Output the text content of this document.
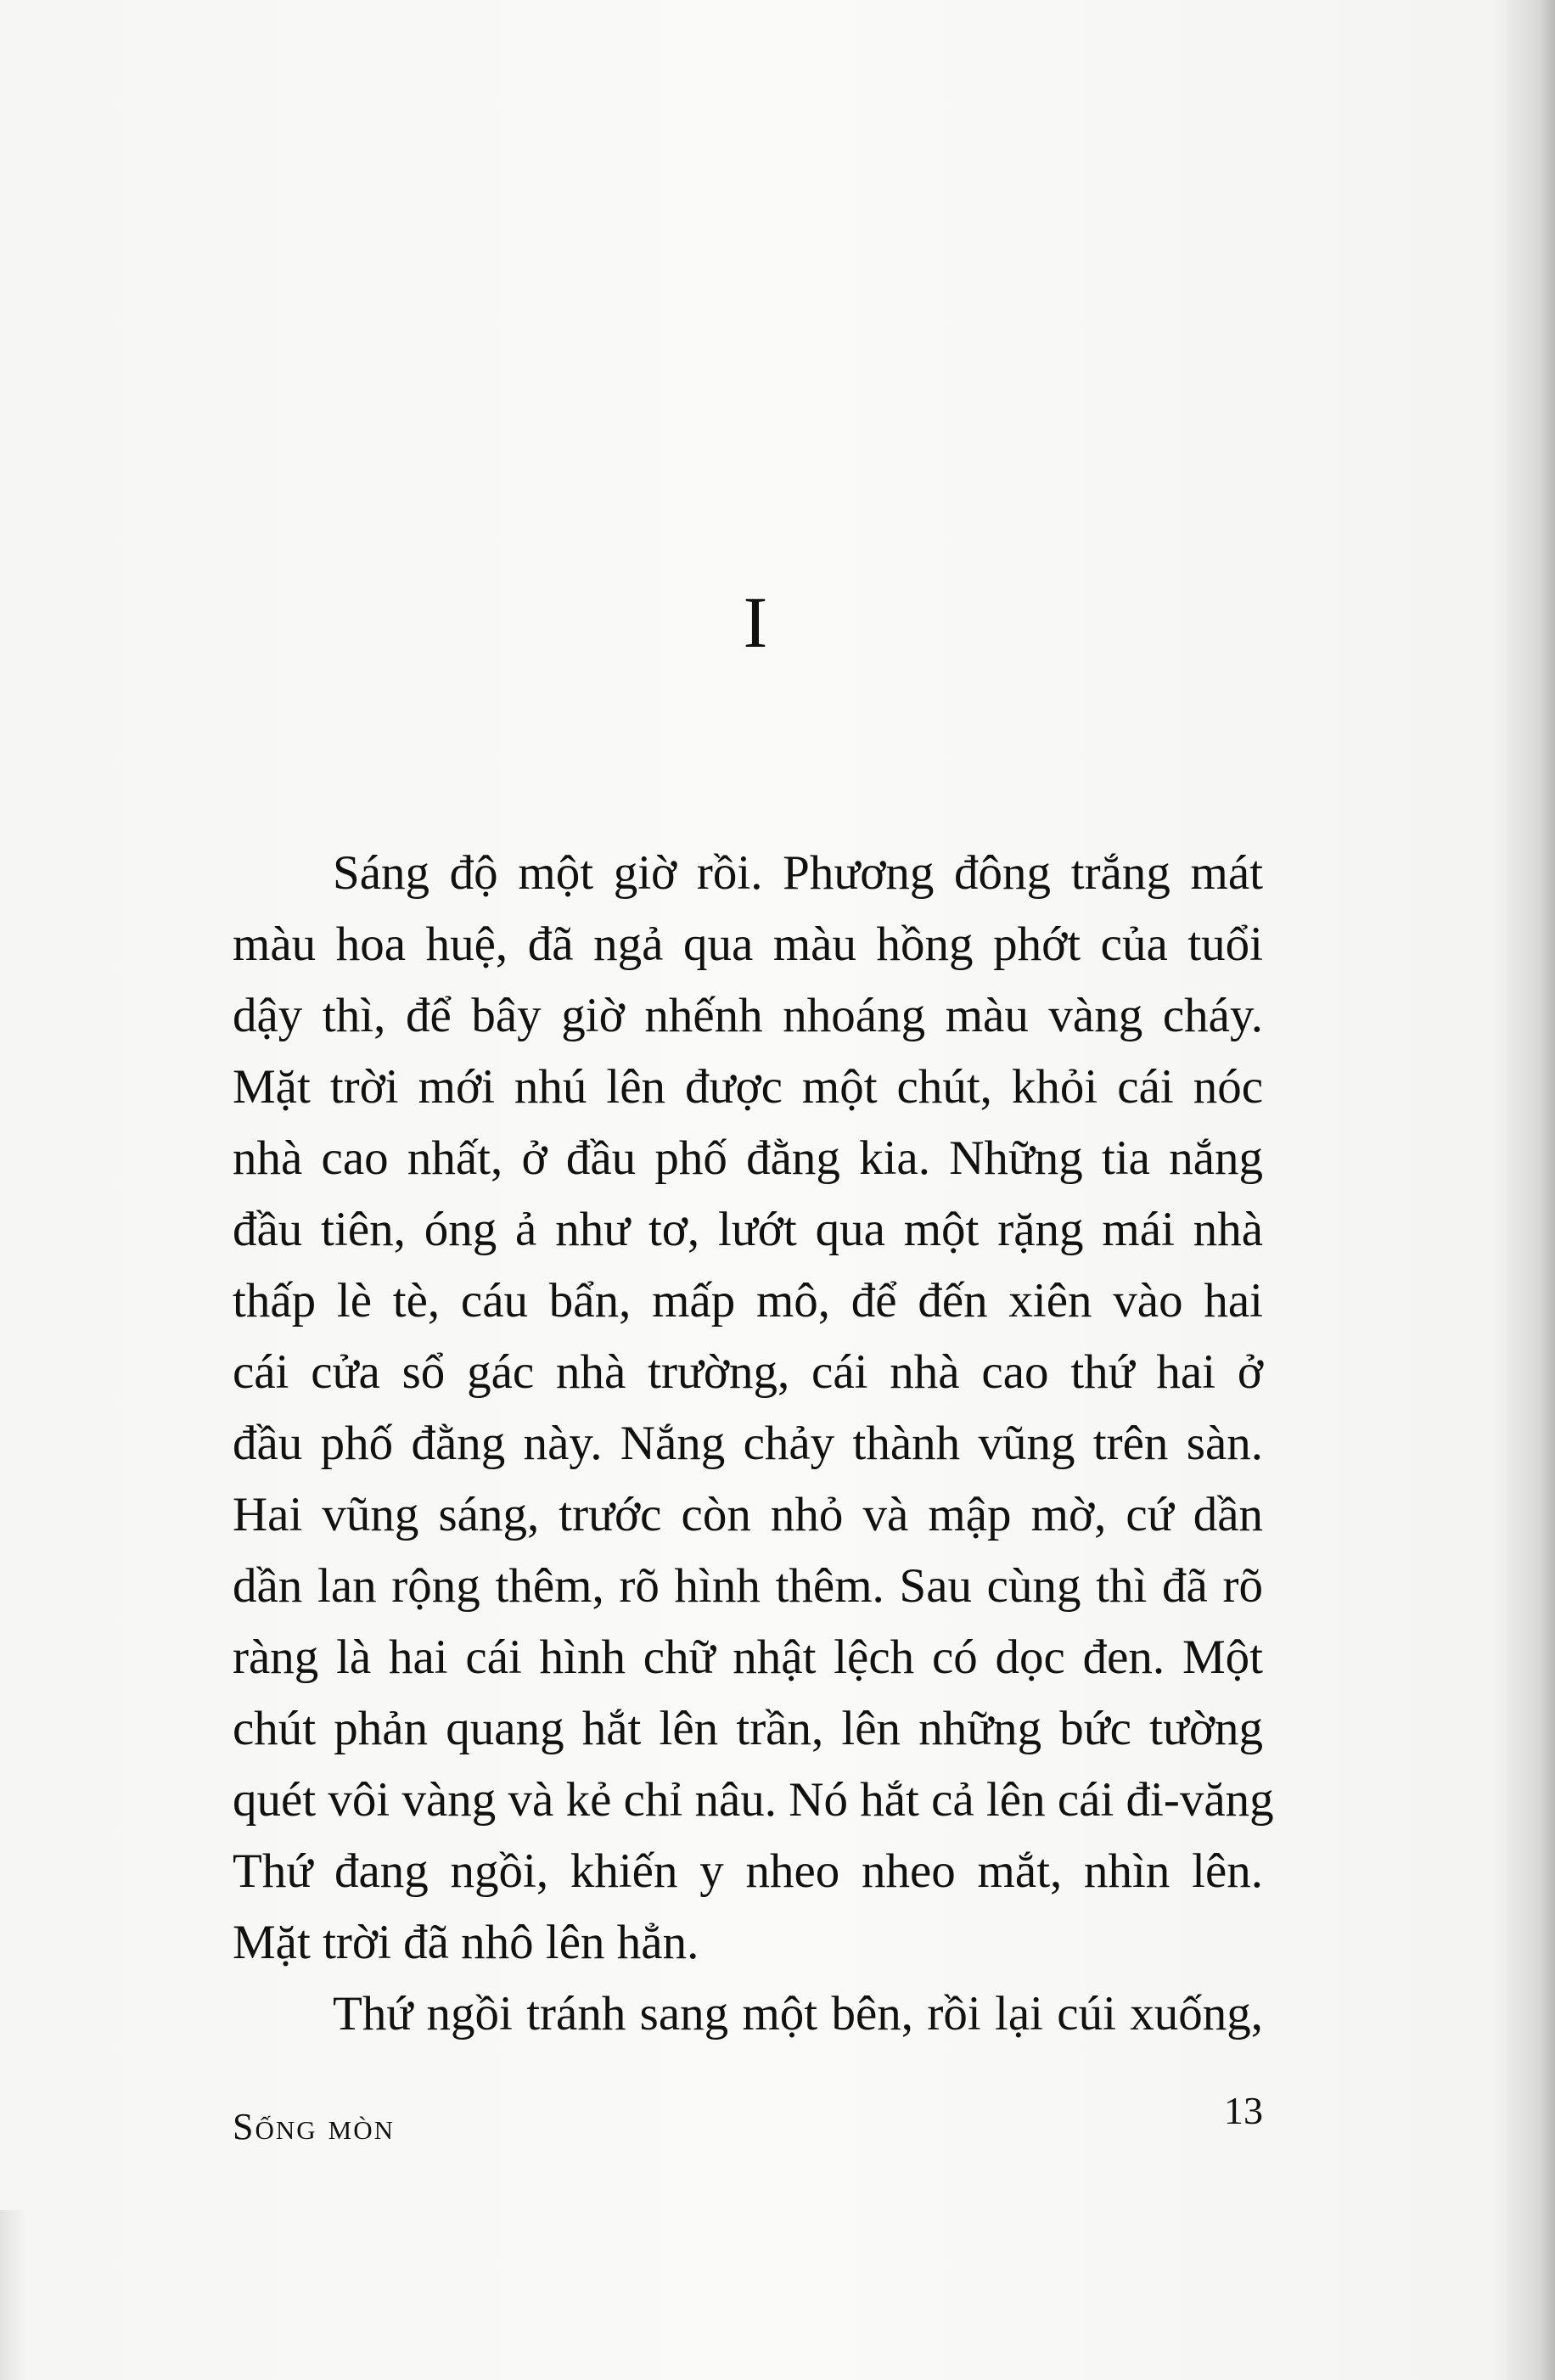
I
Sáng độ một giờ rồi. Phương đông trắng mát
màu hoa huệ, đã ngả qua màu hồng phớt của tuổi
dậy thì, để bây giờ nhếnh nhoáng màu vàng cháy.
Mặt trời mới nhú lên được một chút, khỏi cái nóc
nhà cao nhất, ở đầu phố đằng kia. Những tia nắng
đầu tiên, óng ả như tơ, lướt qua một rặng mái nhà
thấp lè tè, cáu bẩn, mấp mô, để đến xiên vào hai
cái cửa sổ gác nhà trường, cái nhà cao thứ hai ở
đầu phố đằng này. Nắng chảy thành vũng trên sàn.
Hai vũng sáng, trước còn nhỏ và mập mờ, cứ dần
dần lan rộng thêm, rõ hình thêm. Sau cùng thì đã rõ
ràng là hai cái hình chữ nhật lệch có dọc đen. Một
chút phản quang hắt lên trần, lên những bức tường
quét vôi vàng và kẻ chỉ nâu. Nó hắt cả lên cái đi-văng
Thứ đang ngồi, khiến y nheo nheo mắt, nhìn lên.
Mặt trời đã nhô lên hẳn.
Thứ ngồi tránh sang một bên, rồi lại cúi xuống,
Sống mòn	13
